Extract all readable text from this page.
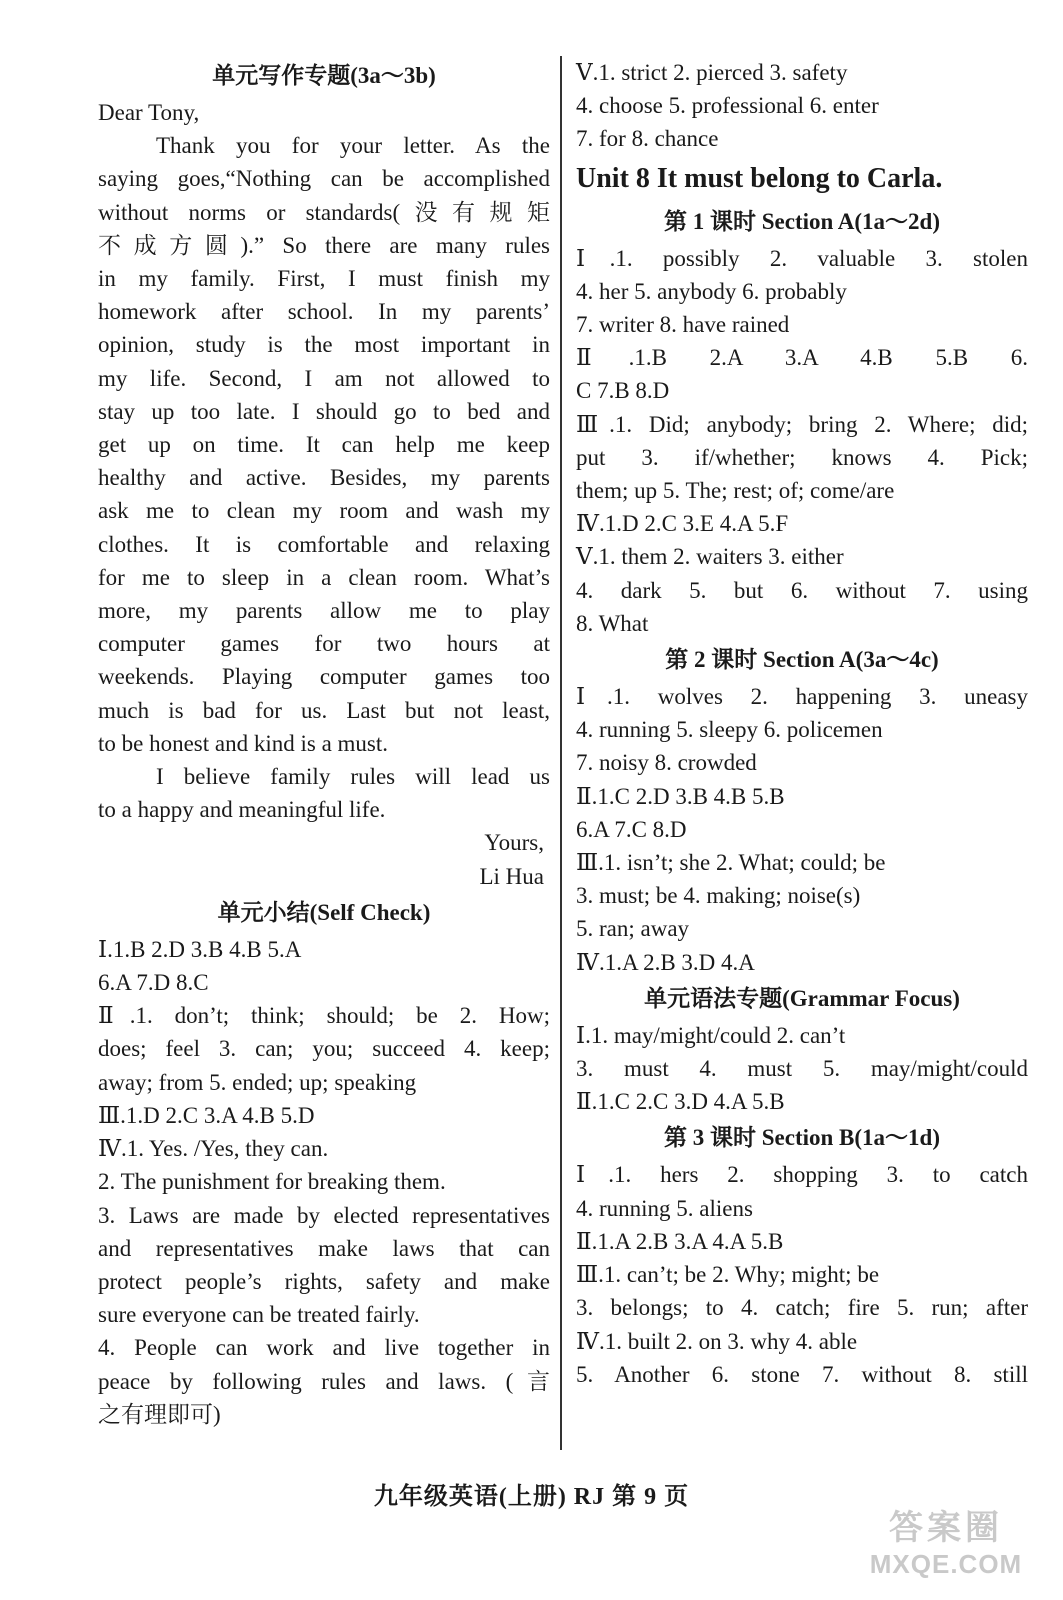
单元写作专题(3a～3b)
Dear Tony,
Thank you for your letter. As the
saying goes,“Nothing can be accomplished
without norms or standards(没有规矩
不成方圆).” So there are many rules
in my family. First, I must finish my
homework after school. In my parents’
opinion, study is the most important in
my life. Second, I am not allowed to
stay up too late. I should go to bed and
get up on time. It can help me keep
healthy and active. Besides, my parents
ask me to clean my room and wash my
clothes. It is comfortable and relaxing
for me to sleep in a clean room. What’s
more, my parents allow me to play
computer games for two hours at
weekends. Playing computer games too
much is bad for us. Last but not least,
to be honest and kind is a must.
I believe family rules will lead us
to a happy and meaningful life.
Yours,
Li Hua
单元小结(Self Check)
Ⅰ.1.B 2.D 3.B 4.B 5.A
6.A 7.D 8.C
Ⅱ.1. don’t; think; should; be 2. How;
does; feel 3. can; you; succeed 4. keep;
away; from 5. ended; up; speaking
Ⅲ.1.D 2.C 3.A 4.B 5.D
Ⅳ.1. Yes. /Yes, they can.
2. The punishment for breaking them.
3. Laws are made by elected representatives
and representatives make laws that can
protect people’s rights, safety and make
sure everyone can be treated fairly.
4. People can work and live together in
peace by following rules and laws. (言
之有理即可)
Ⅴ.1. strict 2. pierced 3. safety
4. choose 5. professional 6. enter
7. for 8. chance
Unit 8 It must belong to Carla.
第 1 课时 Section A(1a～2d)
Ⅰ.1. possibly 2. valuable 3. stolen
4. her 5. anybody 6. probably
7. writer 8. have rained
Ⅱ.1.B 2.A 3.A 4.B 5.B 6.
C 7.B 8.D
Ⅲ.1. Did; anybody; bring 2. Where; did;
put 3. if/whether; knows 4. Pick;
them; up 5. The; rest; of; come/are
Ⅳ.1.D 2.C 3.E 4.A 5.F
Ⅴ.1. them 2. waiters 3. either
4. dark 5. but 6. without 7. using
8. What
第 2 课时 Section A(3a～4c)
Ⅰ.1. wolves 2. happening 3. uneasy
4. running 5. sleepy 6. policemen
7. noisy 8. crowded
Ⅱ.1.C 2.D 3.B 4.B 5.B
6.A 7.C 8.D
Ⅲ.1. isn’t; she 2. What; could; be
3. must; be 4. making; noise(s)
5. ran; away
Ⅳ.1.A 2.B 3.D 4.A
单元语法专题(Grammar Focus)
Ⅰ.1. may/might/could 2. can’t
3. must 4. must 5. may/might/could
Ⅱ.1.C 2.C 3.D 4.A 5.B
第 3 课时 Section B(1a～1d)
Ⅰ.1. hers 2. shopping 3. to catch
4. running 5. aliens
Ⅱ.1.A 2.B 3.A 4.A 5.B
Ⅲ.1. can’t; be 2. Why; might; be
3. belongs; to 4. catch; fire 5. run; after
Ⅳ.1. built 2. on 3. why 4. able
5. Another 6. stone 7. without 8. still
九年级英语(上册) RJ 第 9 页
答案圈
MXQE.COM
